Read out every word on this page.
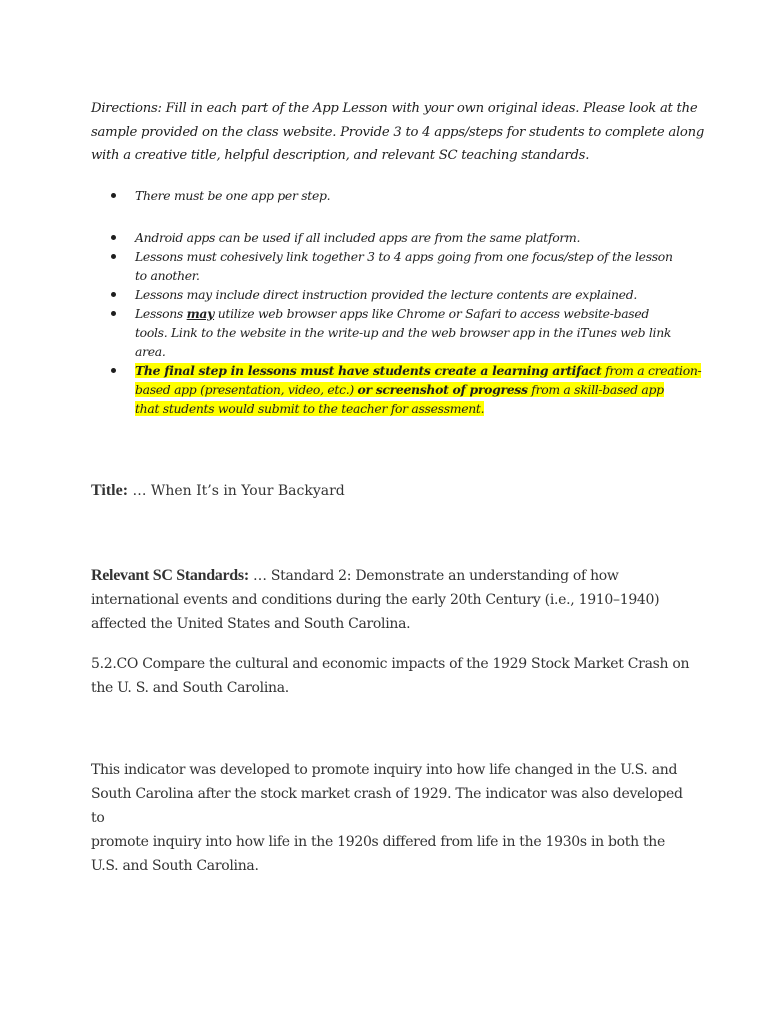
Directions: Fill in each part of the App Lesson with your own original ideas. Please look at the
sample provided on the class website. Provide 3 to 4 apps/steps for students to complete along
with a creative title, helpful description, and relevant SC teaching standards.
There must be one app per step.
Android apps can be used if all included apps are from the same platform.
Lessons must cohesively link together 3 to 4 apps going from one focus/step of the lesson
to another.
Lessons may include direct instruction provided the lecture contents are explained.
Lessons may utilize web browser apps like Chrome or Safari to access website-based
tools. Link to the website in the write-up and the web browser app in the iTunes web link
area.
The final step in lessons must have students create a learning artifact from a creation-
based app (presentation, video, etc.) or screenshot of progress from a skill-based app
that students would submit to the teacher for assessment.
Title: … When It’s in Your Backyard
Relevant SC Standards: … Standard 2: Demonstrate an understanding of how
international events and conditions during the early 20th Century (i.e., 1910–1940)
affected the United States and South Carolina.
5.2.CO Compare the cultural and economic impacts of the 1929 Stock Market Crash on
the U. S. and South Carolina.
This indicator was developed to promote inquiry into how life changed in the U.S. and
South Carolina after the stock market crash of 1929. The indicator was also developed to
promote inquiry into how life in the 1920s differed from life in the 1930s in both the
U.S. and South Carolina.
